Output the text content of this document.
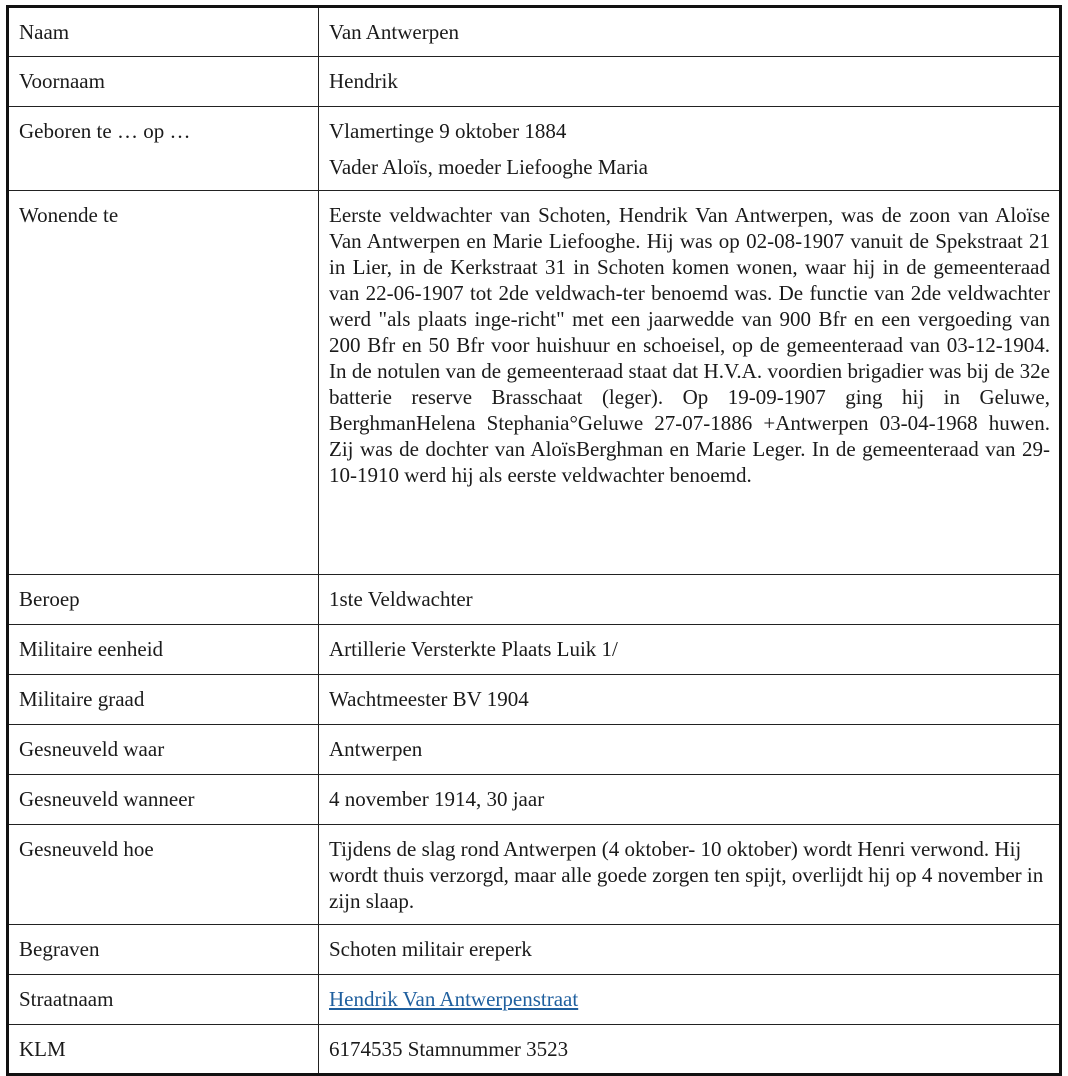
Naam	Van Antwerpen
Voornaam	Hendrik
Geboren te … op …	Vlamertinge 9 oktober 1884

Vader Aloïs, moeder Liefooghe Maria

Wonende te	Eerste veldwachter van Schoten, Hendrik Van Antwerpen, was de zoon van Aloïse Van Antwerpen en Marie Liefooghe. Hij was op 02-08-1907 vanuit de Spekstraat 21 in Lier, in de Kerkstraat 31 in Schoten komen wonen, waar hij in de gemeenteraad van 22-06-1907 tot 2de veldwach-ter benoemd was. De functie van 2de veldwachter werd "als plaats inge-richt" met een jaarwedde van 900 Bfr en een vergoeding van 200 Bfr en 50 Bfr voor huishuur en schoeisel, op de gemeenteraad van 03-12-1904. In de notulen van de gemeenteraad staat dat H.V.A. voordien brigadier was bij de 32e batterie reserve Brasschaat (leger). Op 19-09-1907 ging hij in Geluwe, BerghmanHelena Stephania°Geluwe 27-07-1886 +Antwerpen 03-04-1968 huwen. Zij was de dochter van AloïsBerghman en Marie Leger. In de gemeenteraad van 29-10-1910 werd hij als eerste veldwachter benoemd.
Beroep	1ste Veldwachter
Militaire eenheid	Artillerie Versterkte Plaats Luik 1/
Militaire graad	Wachtmeester BV 1904
Gesneuveld waar	Antwerpen
Gesneuveld wanneer	4 november 1914, 30 jaar
Gesneuveld hoe	Tijdens de slag rond Antwerpen (4 oktober- 10 oktober) wordt Henri verwond. Hij wordt thuis verzorgd, maar alle goede zorgen ten spijt, overlijdt hij op 4 november in zijn slaap.
Begraven	Schoten militair ereperk
Straatnaam	Hendrik Van Antwerpenstraat
KLM	6174535 Stamnummer 3523
